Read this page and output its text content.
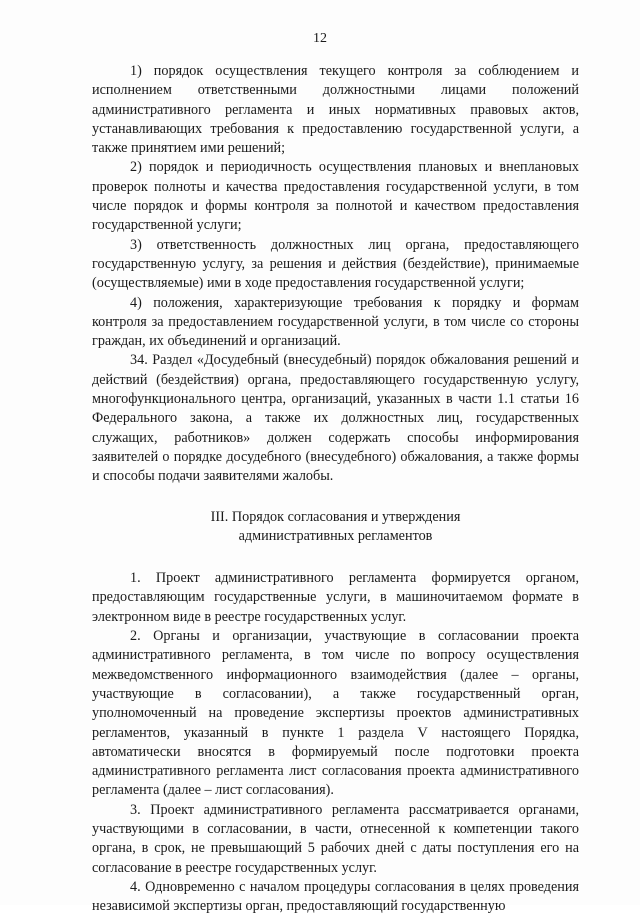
12

1) порядок осуществления текущего контроля за соблюдением и исполнением ответственными должностными лицами положений административного регламента и иных нормативных правовых актов, устанавливающих требования к предоставлению государственной услуги, а также принятием ими решений;

2) порядок и периодичность осуществления плановых и внеплановых проверок полноты и качества предоставления государственной услуги, в том числе порядок и формы контроля за полнотой и качеством предоставления государственной услуги;

3) ответственность должностных лиц органа, предоставляющего государственную услугу, за решения и действия (бездействие), принимаемые (осуществляемые) ими в ходе предоставления государственной услуги;

4) положения, характеризующие требования к порядку и формам контроля за предоставлением государственной услуги, в том числе со стороны граждан, их объединений и организаций.

34. Раздел «Досудебный (внесудебный) порядок обжалования решений и действий (бездействия) органа, предоставляющего государственную услугу, многофункционального центра, организаций, указанных в части 1.1 статьи 16 Федерального закона, а также их должностных лиц, государственных служащих, работников» должен содержать способы информирования заявителей о порядке досудебного (внесудебного) обжалования, а также формы и способы подачи заявителями жалобы.

III. Порядок согласования и утверждения
административных регламентов

1. Проект административного регламента формируется органом, предоставляющим государственные услуги, в машиночитаемом формате в электронном виде в реестре государственных услуг.

2. Органы и организации, участвующие в согласовании проекта административного регламента, в том числе по вопросу осуществления межведомственного информационного взаимодействия (далее – органы, участвующие в согласовании), а также государственный орган, уполномоченный на проведение экспертизы проектов административных регламентов, указанный в пункте 1 раздела V настоящего Порядка, автоматически вносятся в формируемый после подготовки проекта административного регламента лист согласования проекта административного регламента (далее – лист согласования).

3. Проект административного регламента рассматривается органами, участвующими в согласовании, в части, отнесенной к компетенции такого органа, в срок, не превышающий 5 рабочих дней с даты поступления его на согласование в реестре государственных услуг.

4. Одновременно с началом процедуры согласования в целях проведения независимой экспертизы орган, предоставляющий государственную
